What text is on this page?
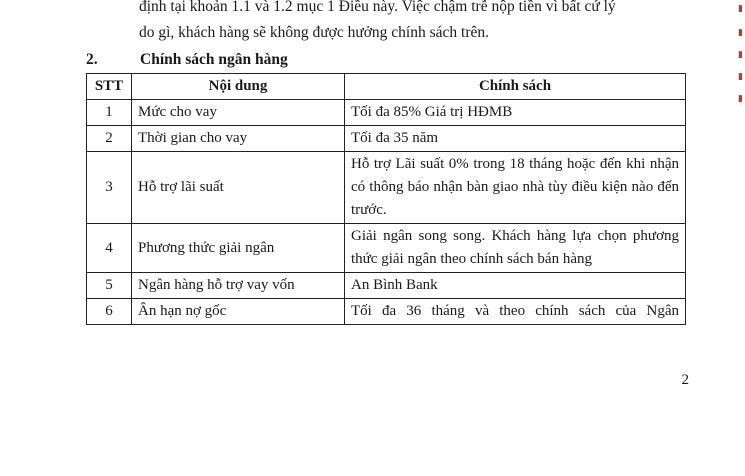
định tại khoản 1.1 và 1.2 mục 1 Điều này. Việc chậm trễ nộp tiền vì bất cứ lý
do gì, khách hàng sẽ không được hưởng chính sách trên.
2.	Chính sách ngân hàng
STT	Nội dung	Chính sách
1	Mức cho vay	Tối đa 85% Giá trị HĐMB
2	Thời gian cho vay	Tối đa 35 năm
3	Hỗ trợ lãi suất	Hỗ trợ Lãi suất 0% trong 18 tháng hoặc đến khi nhận có thông báo nhận bàn giao nhà tùy điều kiện nào đến trước.
4	Phương thức giải ngân	Giải ngân song song. Khách hàng lựa chọn phương thức giải ngân theo chính sách bán hàng
5	Ngân hàng hỗ trợ vay vốn	An Bình Bank
6	Ân hạn nợ gốc	Tối đa 36 tháng và theo chính sách của Ngân
2
▮
▮
▮
▮
▮
